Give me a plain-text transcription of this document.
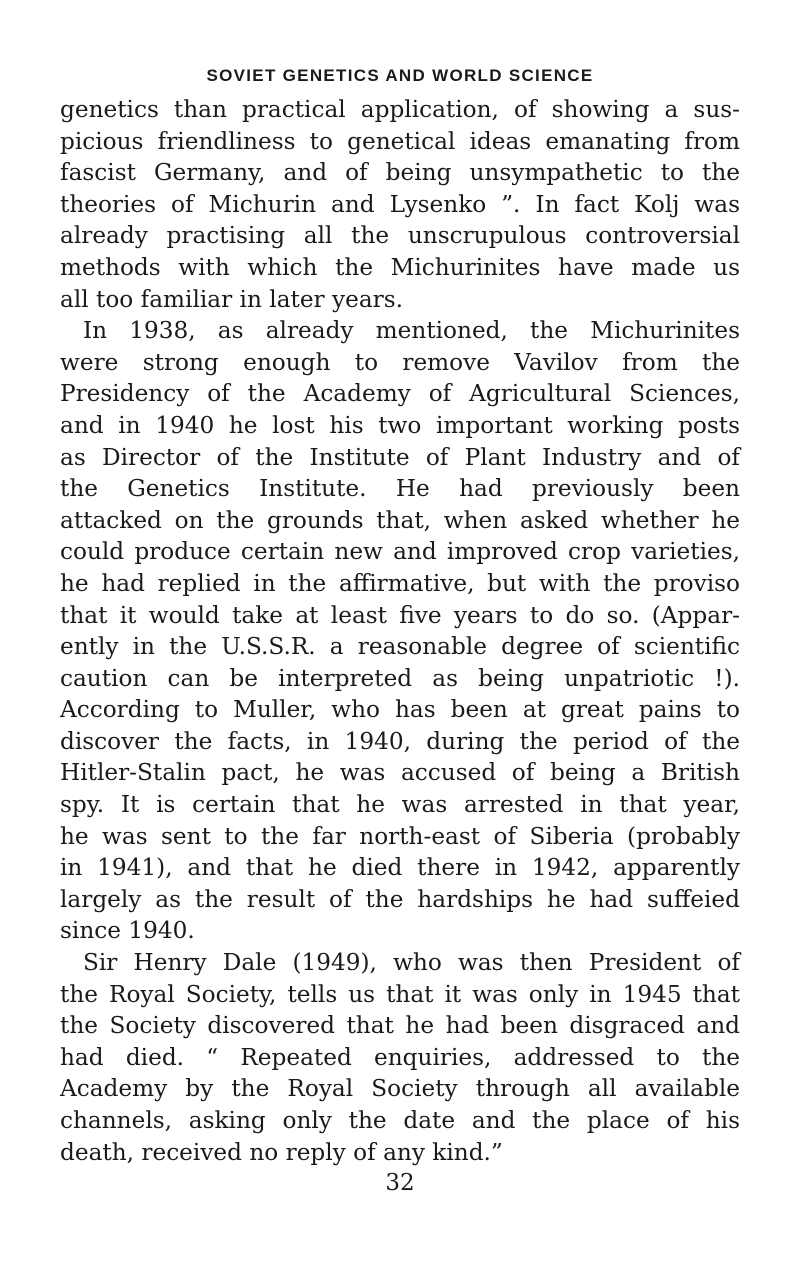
SOVIET GENETICS AND WORLD SCIENCE
genetics than practical application, of showing a sus-
picious friendliness to genetical ideas emanating from
fascist Germany, and of being unsympathetic to the
theories of Michurin and Lysenko ”. In fact Kolj was
already practising all the unscrupulous controversial
methods with which the Michurinites have made us
all too familiar in later years.
In 1938, as already mentioned, the Michurinites
were strong enough to remove Vavilov from the
Presidency of the Academy of Agricultural Sciences,
and in 1940 he lost his two important working posts
as Director of the Institute of Plant Industry and of
the Genetics Institute. He had previously been
attacked on the grounds that, when asked whether he
could produce certain new and improved crop varieties,
he had replied in the affirmative, but with the proviso
that it would take at least five years to do so. (Appar-
ently in the U.S.S.R. a reasonable degree of scientific
caution can be interpreted as being unpatriotic !).
According to Muller, who has been at great pains to
discover the facts, in 1940, during the period of the
Hitler-Stalin pact, he was accused of being a British
spy. It is certain that he was arrested in that year,
he was sent to the far north-east of Siberia (probably
in 1941), and that he died there in 1942, apparently
largely as the result of the hardships he had suffeied
since 1940.
Sir Henry Dale (1949), who was then President of
the Royal Society, tells us that it was only in 1945 that
the Society discovered that he had been disgraced and
had died. “ Repeated enquiries, addressed to the
Academy by the Royal Society through all available
channels, asking only the date and the place of his
death, received no reply of any kind.”
32
